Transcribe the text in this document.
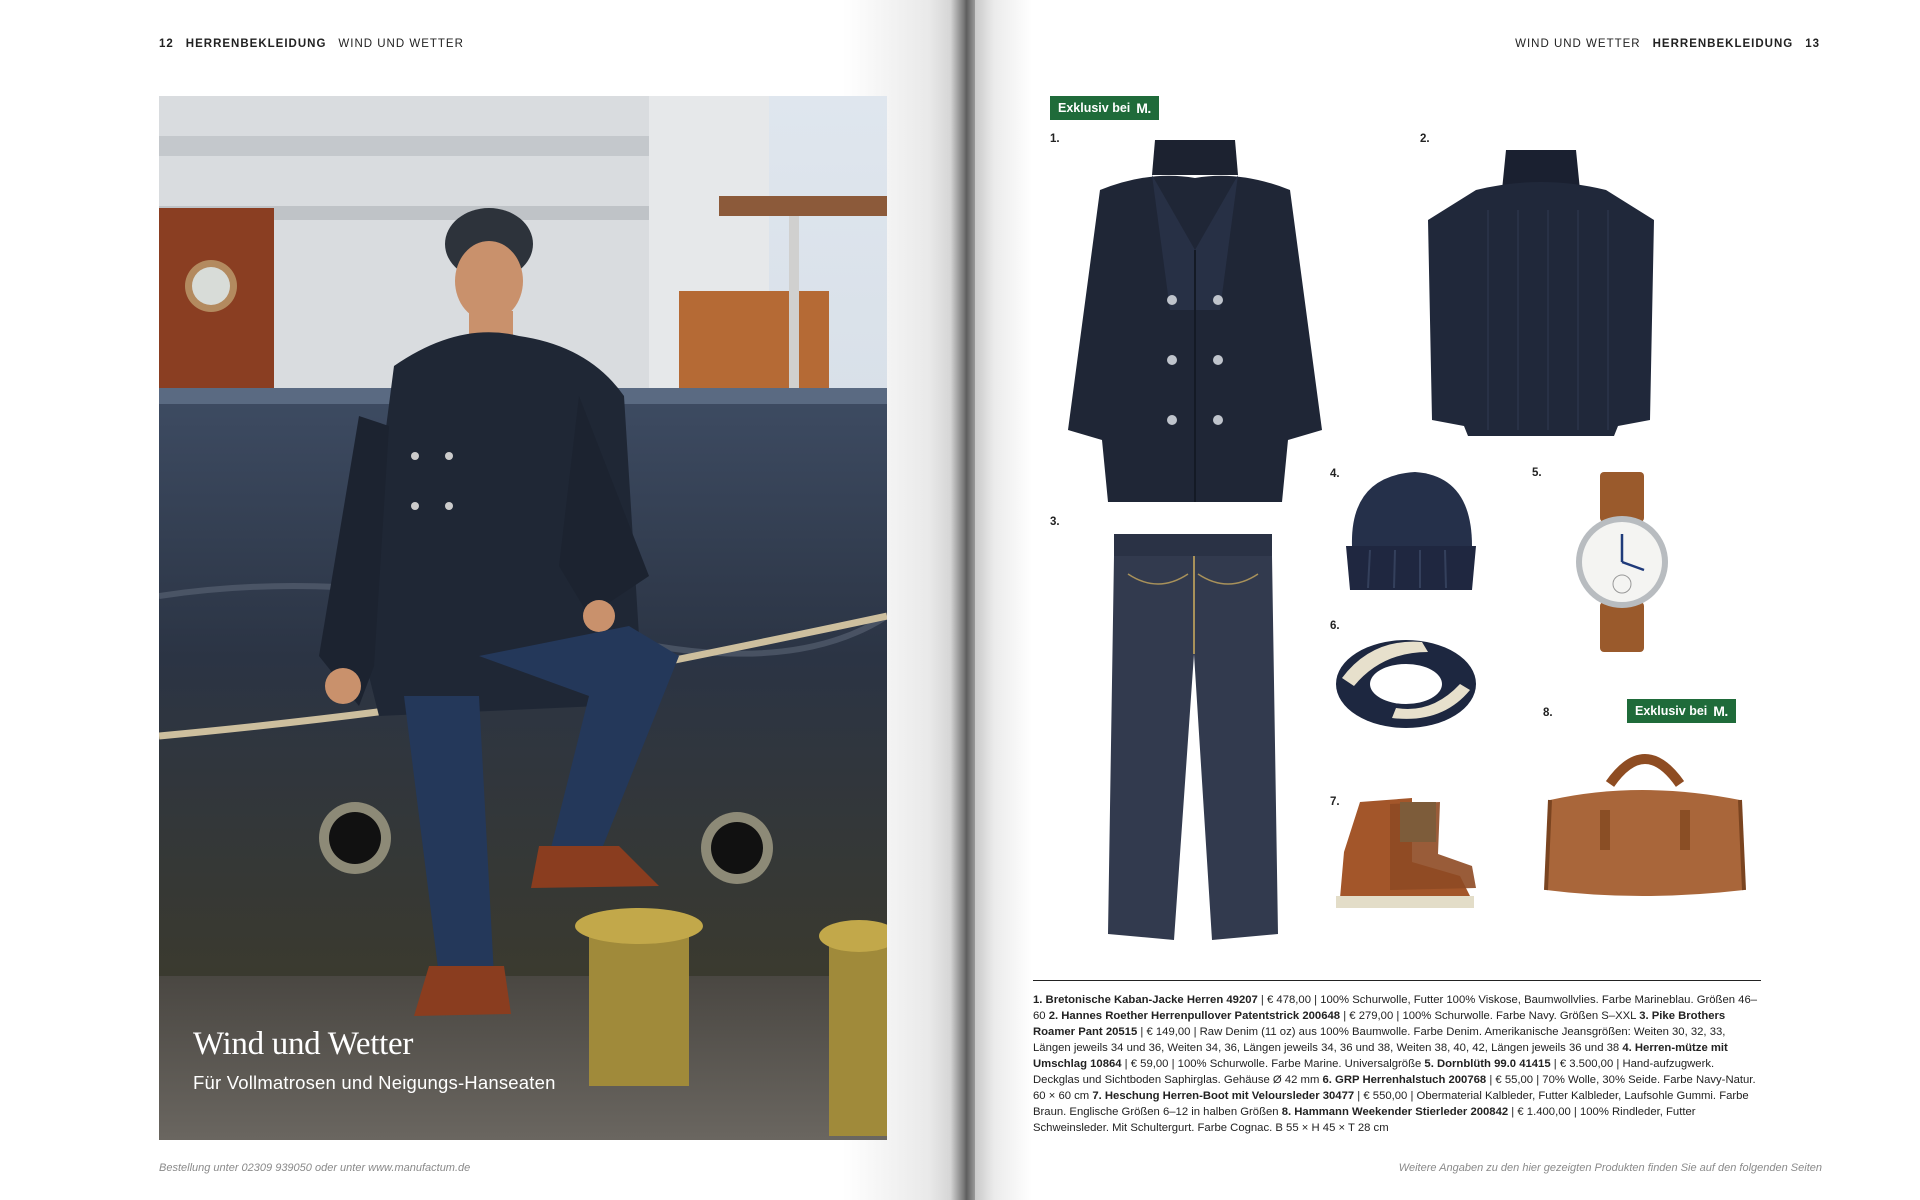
12 HERRENBEKLEIDUNG WIND UND WETTER
Wind und Wetter
Für Vollmatrosen und Neigungs-Hanseaten
Bestellung unter 02309 939050 oder unter www.manufactum.de
WIND UND WETTER HERRENBEKLEIDUNG 13
Exklusiv bei M.
Exklusiv bei M.
1.	2.
3.
4.	5.
6.
7.
8.
1. Bretonische Kaban-Jacke Herren 49207 | € 478,00 | 100% Schurwolle, Futter 100% Viskose, Baumwollvlies. Farbe Marineblau. Größen 46–60 2. Hannes Roether Herrenpullover Patentstrick 200648 | € 279,00 | 100% Schurwolle. Farbe Navy. Größen S–XXL 3. Pike Brothers Roamer Pant 20515 | € 149,00 | Raw Denim (11 oz) aus 100% Baumwolle. Farbe Denim. Amerikanische Jeansgrößen: Weiten 30, 32, 33, Längen jeweils 34 und 36, Weiten 34, 36, Längen jeweils 34, 36 und 38, Weiten 38, 40, 42, Längen jeweils 36 und 38 4. Herren-mütze mit Umschlag 10864 | € 59,00 | 100% Schurwolle. Farbe Marine. Universalgröße 5. Dornblüth 99.0 41415 | € 3.500,00 | Hand-aufzugwerk. Deckglas und Sichtboden Saphirglas. Gehäuse Ø 42 mm 6. GRP Herrenhalstuch 200768 | € 55,00 | 70% Wolle, 30% Seide. Farbe Navy-Natur. 60 × 60 cm 7. Heschung Herren-Boot mit Veloursleder 30477 | € 550,00 | Obermaterial Kalbleder, Futter Kalbleder, Laufsohle Gummi. Farbe Braun. Englische Größen 6–12 in halben Größen 8. Hammann Weekender Stierleder 200842 | € 1.400,00 | 100% Rindleder, Futter Schweinsleder. Mit Schultergurt. Farbe Cognac. B 55 × H 45 × T 28 cm
Weitere Angaben zu den hier gezeigten Produkten finden Sie auf den folgenden Seiten
